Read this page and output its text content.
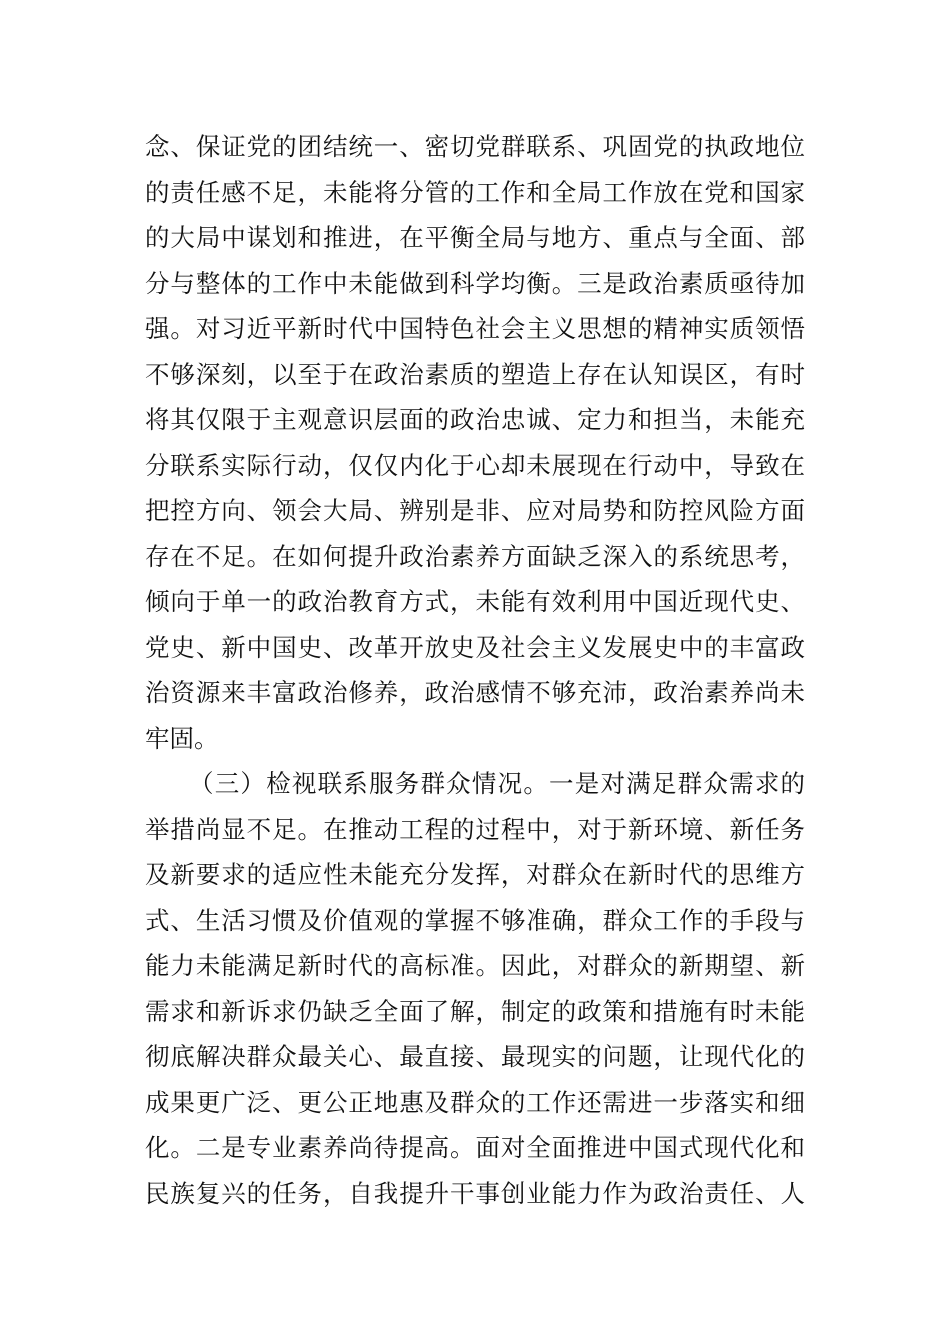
念、保证党的团结统一、密切党群联系、巩固党的执政地位
的责任感不足，未能将分管的工作和全局工作放在党和国家
的大局中谋划和推进，在平衡全局与地方、重点与全面、部
分与整体的工作中未能做到科学均衡。三是政治素质亟待加
强。对习近平新时代中国特色社会主义思想的精神实质领悟
不够深刻，以至于在政治素质的塑造上存在认知误区，有时
将其仅限于主观意识层面的政治忠诚、定力和担当，未能充
分联系实际行动，仅仅内化于心却未展现在行动中，导致在
把控方向、领会大局、辨别是非、应对局势和防控风险方面
存在不足。在如何提升政治素养方面缺乏深入的系统思考，
倾向于单一的政治教育方式，未能有效利用中国近现代史、
党史、新中国史、改革开放史及社会主义发展史中的丰富政
治资源来丰富政治修养，政治感情不够充沛，政治素养尚未
牢固。
（三）检视联系服务群众情况。一是对满足群众需求的
举措尚显不足。在推动工程的过程中，对于新环境、新任务
及新要求的适应性未能充分发挥，对群众在新时代的思维方
式、生活习惯及价值观的掌握不够准确，群众工作的手段与
能力未能满足新时代的高标准。因此，对群众的新期望、新
需求和新诉求仍缺乏全面了解，制定的政策和措施有时未能
彻底解决群众最关心、最直接、最现实的问题，让现代化的
成果更广泛、更公正地惠及群众的工作还需进一步落实和细
化。二是专业素养尚待提高。面对全面推进中国式现代化和
民族复兴的任务，自我提升干事创业能力作为政治责任、人
